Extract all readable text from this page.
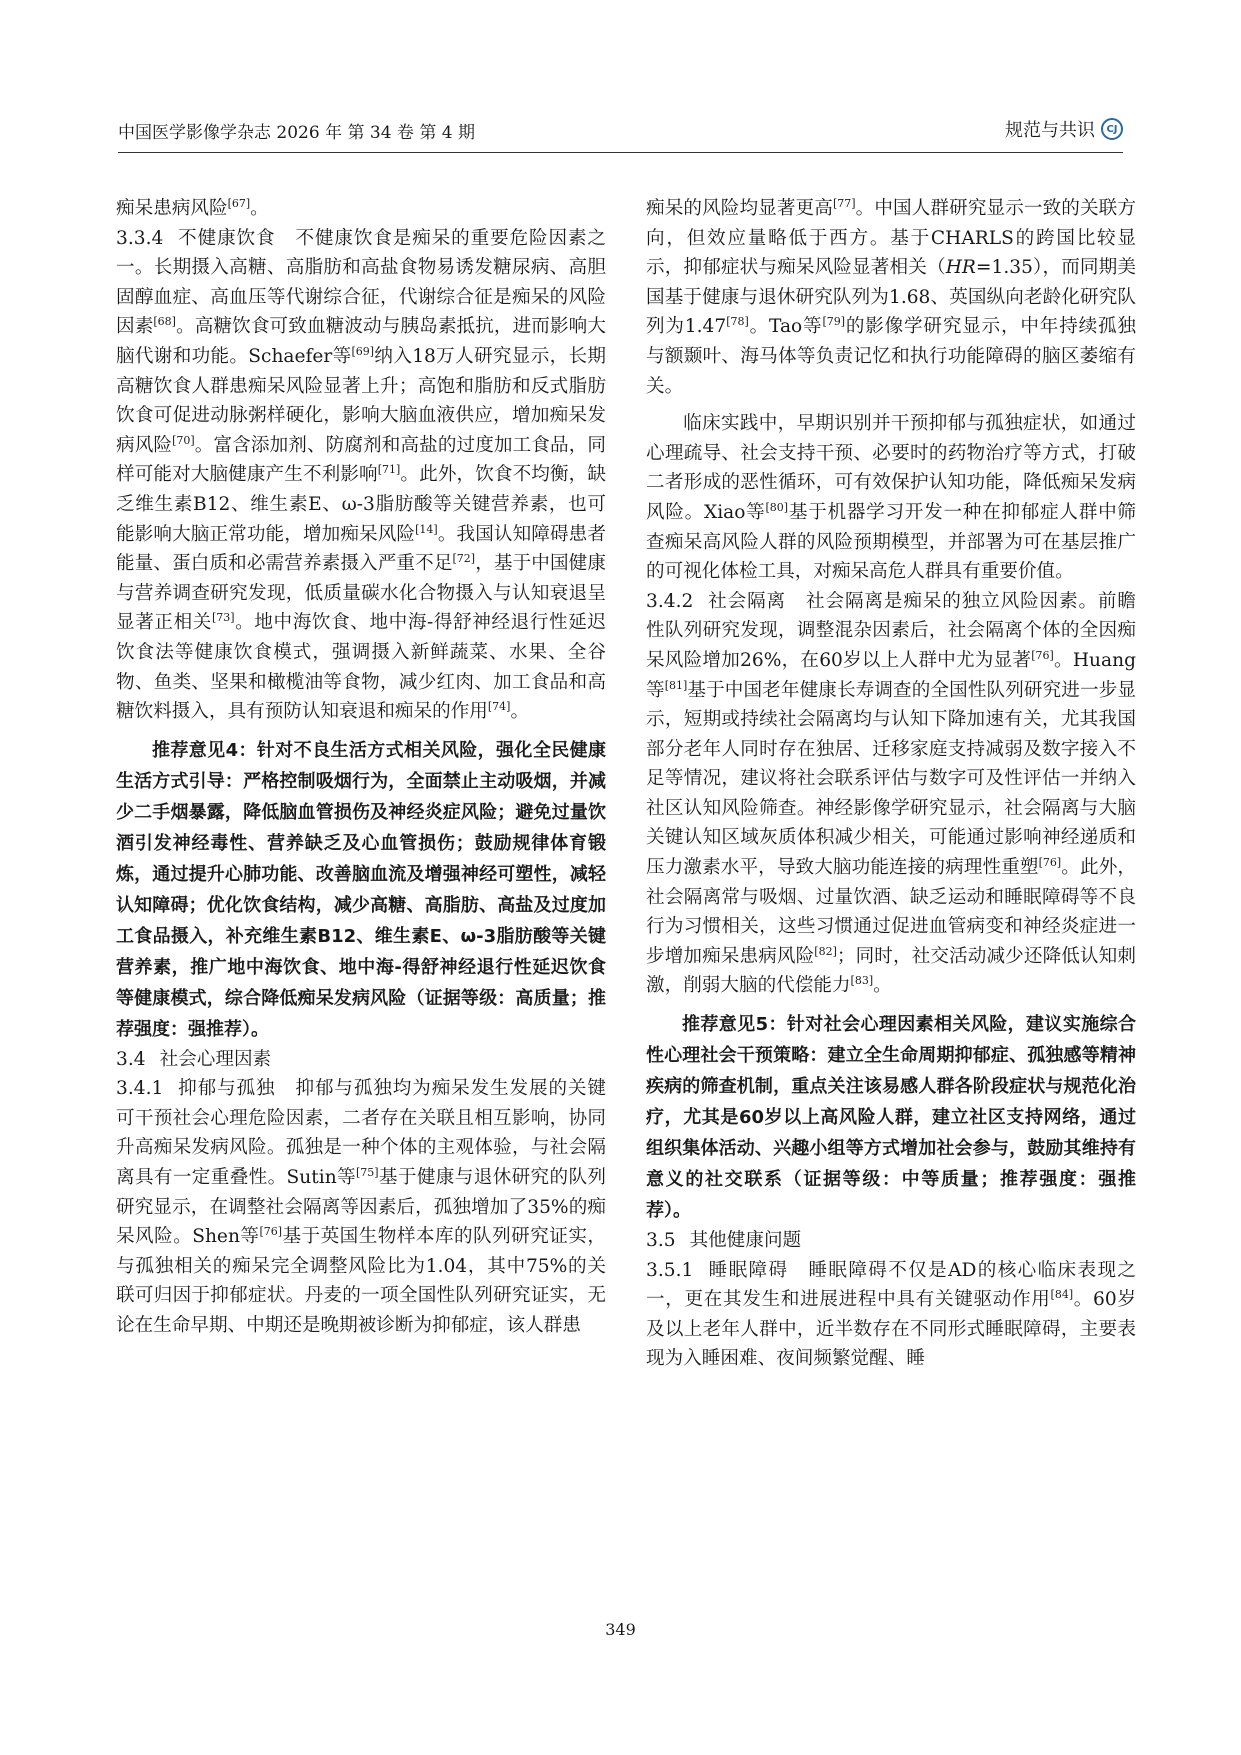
中国医学影像学杂志 2026 年 第 34 卷 第 4 期	规范与共识	CJ

痴呆患病风险[67]。

3.3.4 不健康饮食 不健康饮食是痴呆的重要危险因素之一。长期摄入高糖、高脂肪和高盐食物易诱发糖尿病、高胆固醇血症、高血压等代谢综合征，代谢综合征是痴呆的风险因素[68]。高糖饮食可致血糖波动与胰岛素抵抗，进而影响大脑代谢和功能。Schaefer等[69]纳入18万人研究显示，长期高糖饮食人群患痴呆风险显著上升；高饱和脂肪和反式脂肪饮食可促进动脉粥样硬化，影响大脑血液供应，增加痴呆发病风险[70]。富含添加剂、防腐剂和高盐的过度加工食品，同样可能对大脑健康产生不利影响[71]。此外，饮食不均衡，缺乏维生素B12、维生素E、ω-3脂肪酸等关键营养素，也可能影响大脑正常功能，增加痴呆风险[14]。我国认知障碍患者能量、蛋白质和必需营养素摄入严重不足[72]，基于中国健康与营养调查研究发现，低质量碳水化合物摄入与认知衰退呈显著正相关[73]。地中海饮食、地中海-得舒神经退行性延迟饮食法等健康饮食模式，强调摄入新鲜蔬菜、水果、全谷物、鱼类、坚果和橄榄油等食物，减少红肉、加工食品和高糖饮料摄入，具有预防认知衰退和痴呆的作用[74]。

推荐意见4：针对不良生活方式相关风险，强化全民健康生活方式引导：严格控制吸烟行为，全面禁止主动吸烟，并减少二手烟暴露，降低脑血管损伤及神经炎症风险；避免过量饮酒引发神经毒性、营养缺乏及心血管损伤；鼓励规律体育锻炼，通过提升心肺功能、改善脑血流及增强神经可塑性，减轻认知障碍；优化饮食结构，减少高糖、高脂肪、高盐及过度加工食品摄入，补充维生素B12、维生素E、ω-3脂肪酸等关键营养素，推广地中海饮食、地中海-得舒神经退行性延迟饮食等健康模式，综合降低痴呆发病风险（证据等级：高质量；推荐强度：强推荐）。

3.4 社会心理因素

3.4.1 抑郁与孤独 抑郁与孤独均为痴呆发生发展的关键可干预社会心理危险因素，二者存在关联且相互影响，协同升高痴呆发病风险。孤独是一种个体的主观体验，与社会隔离具有一定重叠性。Sutin等[75]基于健康与退休研究的队列研究显示，在调整社会隔离等因素后，孤独增加了35%的痴呆风险。Shen等[76]基于英国生物样本库的队列研究证实，与孤独相关的痴呆完全调整风险比为1.04，其中75%的关联可归因于抑郁症状。丹麦的一项全国性队列研究证实，无论在生命早期、中期还是晚期被诊断为抑郁症，该人群患

痴呆的风险均显著更高[77]。中国人群研究显示一致的关联方向，但效应量略低于西方。基于CHARLS的跨国比较显示，抑郁症状与痴呆风险显著相关（HR=1.35），而同期美国基于健康与退休研究队列为1.68、英国纵向老龄化研究队列为1.47[78]。Tao等[79]的影像学研究显示，中年持续孤独与额颞叶、海马体等负责记忆和执行功能障碍的脑区萎缩有关。

临床实践中，早期识别并干预抑郁与孤独症状，如通过心理疏导、社会支持干预、必要时的药物治疗等方式，打破二者形成的恶性循环，可有效保护认知功能，降低痴呆发病风险。Xiao等[80]基于机器学习开发一种在抑郁症人群中筛查痴呆高风险人群的风险预期模型，并部署为可在基层推广的可视化体检工具，对痴呆高危人群具有重要价值。

3.4.2 社会隔离 社会隔离是痴呆的独立风险因素。前瞻性队列研究发现，调整混杂因素后，社会隔离个体的全因痴呆风险增加26%，在60岁以上人群中尤为显著[76]。Huang等[81]基于中国老年健康长寿调查的全国性队列研究进一步显示，短期或持续社会隔离均与认知下降加速有关，尤其我国部分老年人同时存在独居、迁移家庭支持减弱及数字接入不足等情况，建议将社会联系评估与数字可及性评估一并纳入社区认知风险筛查。神经影像学研究显示，社会隔离与大脑关键认知区域灰质体积减少相关，可能通过影响神经递质和压力激素水平，导致大脑功能连接的病理性重塑[76]。此外，社会隔离常与吸烟、过量饮酒、缺乏运动和睡眠障碍等不良行为习惯相关，这些习惯通过促进血管病变和神经炎症进一步增加痴呆患病风险[82]；同时，社交活动减少还降低认知刺激，削弱大脑的代偿能力[83]。

推荐意见5：针对社会心理因素相关风险，建议实施综合性心理社会干预策略：建立全生命周期抑郁症、孤独感等精神疾病的筛查机制，重点关注该易感人群各阶段症状与规范化治疗，尤其是60岁以上高风险人群，建立社区支持网络，通过组织集体活动、兴趣小组等方式增加社会参与，鼓励其维持有意义的社交联系（证据等级：中等质量；推荐强度：强推荐）。

3.5 其他健康问题

3.5.1 睡眠障碍 睡眠障碍不仅是AD的核心临床表现之一，更在其发生和进展进程中具有关键驱动作用[84]。60岁及以上老年人群中，近半数存在不同形式睡眠障碍，主要表现为入睡困难、夜间频繁觉醒、睡

349
